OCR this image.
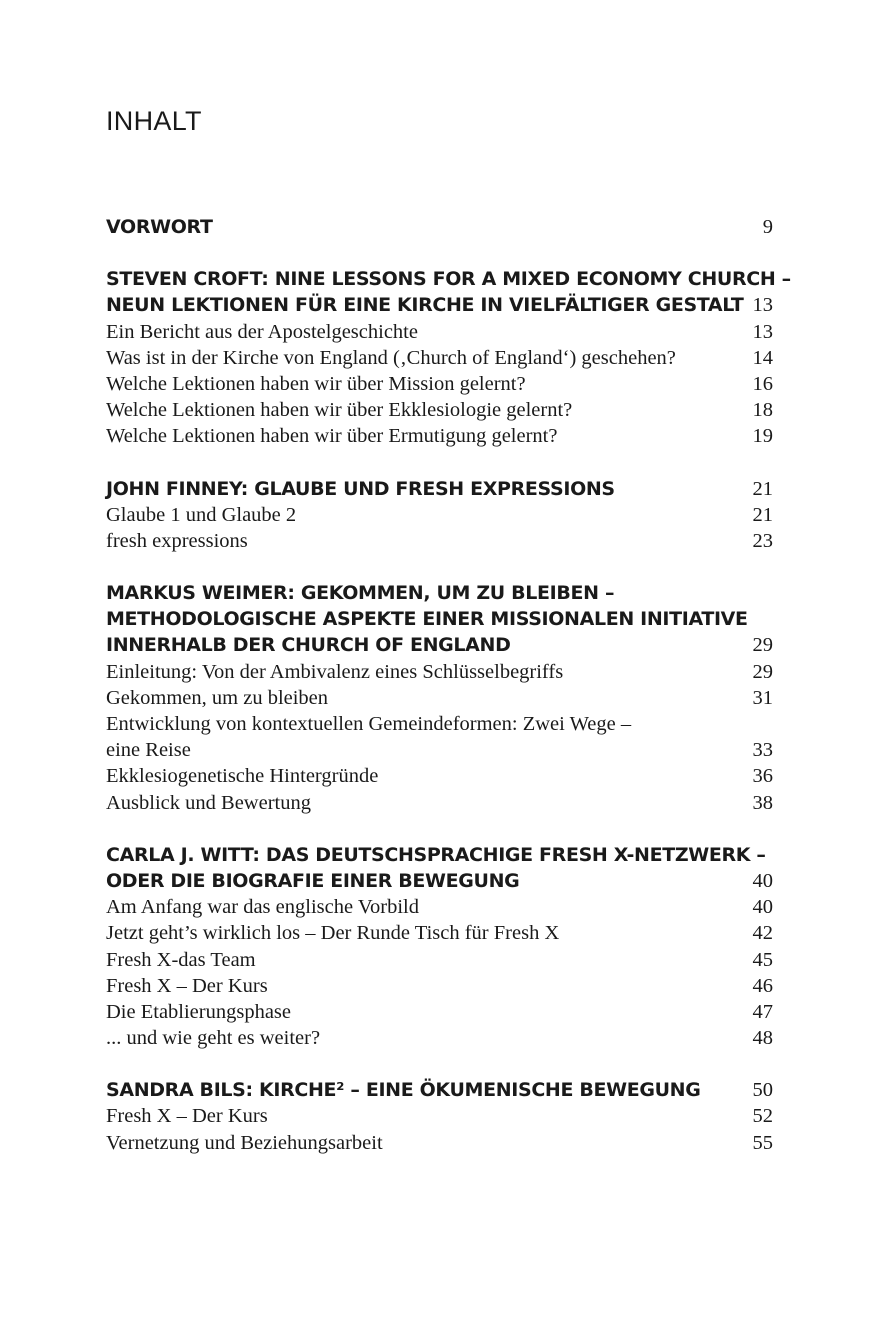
INHALT
VORWORT	9
STEVEN CROFT: NINE LESSONS FOR A MIXED ECONOMY CHURCH –
NEUN LEKTIONEN FÜR EINE KIRCHE IN VIELFÄLTIGER GESTALT 13
Ein Bericht aus der Apostelgeschichte	13
Was ist in der Kirche von England (‚Church of England‘) geschehen?	14
Welche Lektionen haben wir über Mission gelernt?	16
Welche Lektionen haben wir über Ekklesiologie gelernt?	18
Welche Lektionen haben wir über Ermutigung gelernt?	19
JOHN FINNEY: GLAUBE UND FRESH EXPRESSIONS	21
Glaube 1 und Glaube 2	21
fresh expressions	23
MARKUS WEIMER: GEKOMMEN, UM ZU BLEIBEN –
METHODOLOGISCHE ASPEKTE EINER MISSIONALEN INITIATIVE
INNERHALB DER CHURCH OF ENGLAND	29
Einleitung: Von der Ambivalenz eines Schlüsselbegriffs	29
Gekommen, um zu bleiben	31
Entwicklung von kontextuellen Gemeindeformen: Zwei Wege –
eine Reise	33
Ekklesiogenetische Hintergründe	36
Ausblick und Bewertung	38
CARLA J. WITT: DAS DEUTSCHSPRACHIGE FRESH X-NETZWERK –
ODER DIE BIOGRAFIE EINER BEWEGUNG	40
Am Anfang war das englische Vorbild	40
Jetzt geht’s wirklich los – Der Runde Tisch für Fresh X	42
Fresh X-das Team	45
Fresh X – Der Kurs	46
Die Etablierungsphase	47
... und wie geht es weiter?	48
SANDRA BILS: KIRCHE² – EINE ÖKUMENISCHE BEWEGUNG	50
Fresh X – Der Kurs	52
Vernetzung und Beziehungsarbeit	55
